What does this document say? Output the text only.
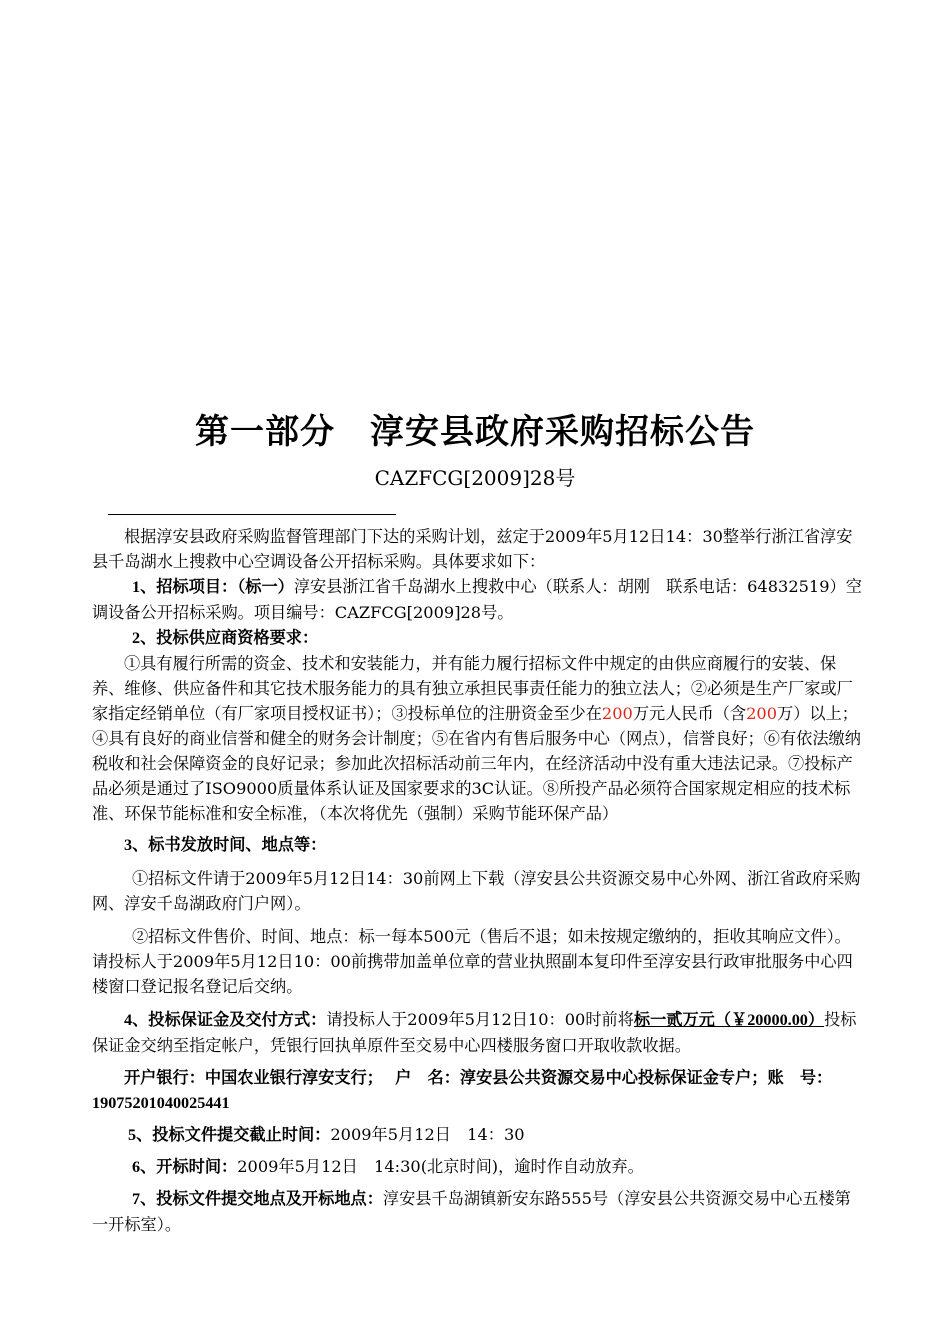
第一部分　淳安县政府采购招标公告
CAZFCG[2009]28号

根据淳安县政府采购监督管理部门下达的采购计划，兹定于2009年5月12日14：30整举行浙江省淳安县千岛湖水上搜救中心空调设备公开招标采购。具体要求如下：

1、招标项目：（标一）淳安县浙江省千岛湖水上搜救中心（联系人：胡刚　联系电话：64832519）空调设备公开招标采购。项目编号：CAZFCG[2009]28号。

2、投标供应商资格要求：

①具有履行所需的资金、技术和安装能力，并有能力履行招标文件中规定的由供应商履行的安装、保养、维修、供应备件和其它技术服务能力的具有独立承担民事责任能力的独立法人；②必须是生产厂家或厂家指定经销单位（有厂家项目授权证书）；③投标单位的注册资金至少在200万元人民币（含200万）以上；④具有良好的商业信誉和健全的财务会计制度；⑤在省内有售后服务中心（网点），信誉良好；⑥有依法缴纳税收和社会保障资金的良好记录；参加此次招标活动前三年内，在经济活动中没有重大违法记录。⑦投标产品必须是通过了ISO9000质量体系认证及国家要求的3C认证。⑧所投产品必须符合国家规定相应的技术标准、环保节能标准和安全标准，（本次将优先（强制）采购节能环保产品）

3、标书发放时间、地点等：

①招标文件请于2009年5月12日14：30前网上下载（淳安县公共资源交易中心外网、浙江省政府采购网、淳安千岛湖政府门户网）。

②招标文件售价、时间、地点：标一每本500元（售后不退；如未按规定缴纳的，拒收其响应文件）。请投标人于2009年5月12日10：00前携带加盖单位章的营业执照副本复印件至淳安县行政审批服务中心四楼窗口登记报名登记后交纳。

4、投标保证金及交付方式：请投标人于2009年5月12日10：00时前将标一贰万元（￥20000.00）投标保证金交纳至指定帐户，凭银行回执单原件至交易中心四楼服务窗口开取收款收据。

开户银行：中国农业银行淳安支行；　 户　名：淳安县公共资源交易中心投标保证金专户；账　号：19075201040025441

5、投标文件提交截止时间：2009年5月12日　14：30

6、开标时间：2009年5月12日　14:30(北京时间)，逾时作自动放弃。

7、投标文件提交地点及开标地点：淳安县千岛湖镇新安东路555号（淳安县公共资源交易中心五楼第一开标室）。
